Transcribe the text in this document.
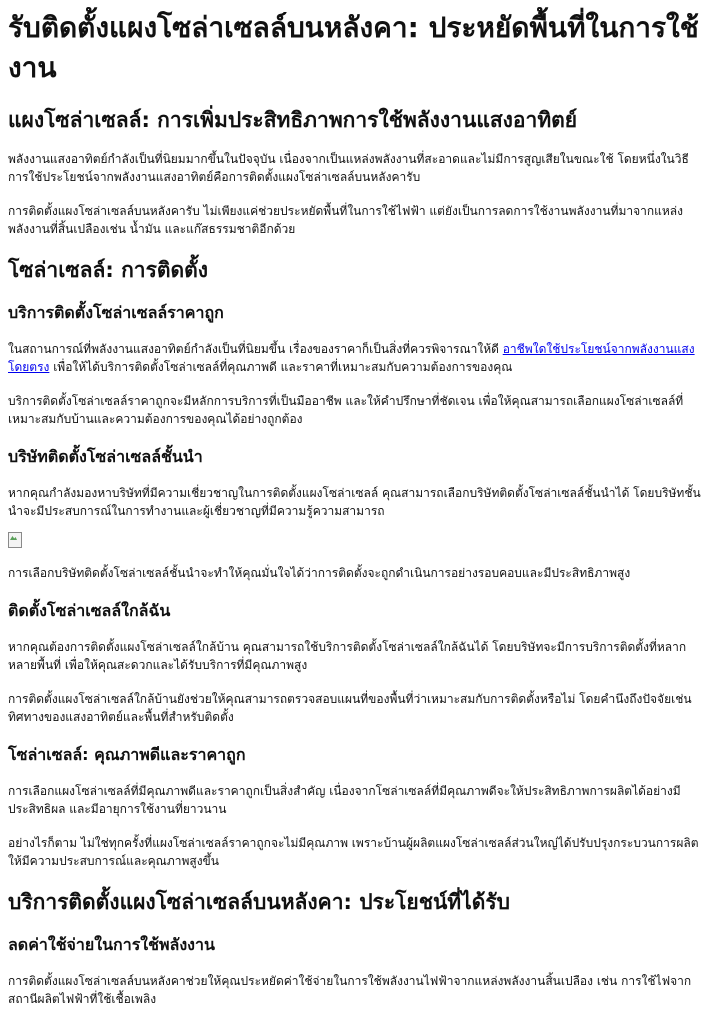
รับติดตั้งแผงโซล่าเซลล์บนหลังคา: ประหยัดพื้นที่ในการใช้งาน
แผงโซล่าเซลล์: การเพิ่มประสิทธิภาพการใช้พลังงานแสงอาทิตย์

พลังงานแสงอาทิตย์กำลังเป็นที่นิยมมากขึ้นในปัจจุบัน เนื่องจากเป็นแหล่งพลังงานที่สะอาดและไม่มีการสูญเสียในขณะใช้ โดยหนึ่งในวิธีการใช้ประโยชน์จากพลังงานแสงอาทิตย์คือการติดตั้งแผงโซล่าเซลล์บนหลังคารับ

การติดตั้งแผงโซล่าเซลล์บนหลังคารับ ไม่เพียงแค่ช่วยประหยัดพื้นที่ในการใช้ไฟฟ้า แต่ยังเป็นการลดการใช้งานพลังงานที่มาจากแหล่งพลังงานที่สิ้นเปลืองเช่น น้ำมัน และแก๊สธรรมชาติอีกด้วย

โซล่าเซลล์: การติดตั้ง
บริการติดตั้งโซล่าเซลล์ราคาถูก

ในสถานการณ์ที่พลังงานแสงอาทิตย์กำลังเป็นที่นิยมขึ้น เรื่องของราคาก็เป็นสิ่งที่ควรพิจารณาให้ดี อาชีพใดใช้ประโยชน์จากพลังงานแสงโดยตรง เพื่อให้ได้บริการติดตั้งโซล่าเซลล์ที่คุณภาพดี และราคาที่เหมาะสมกับความต้องการของคุณ

บริการติดตั้งโซล่าเซลล์ราคาถูกจะมีหลักการบริการที่เป็นมืออาชีพ และให้คำปรึกษาที่ชัดเจน เพื่อให้คุณสามารถเลือกแผงโซล่าเซลล์ที่เหมาะสมกับบ้านและความต้องการของคุณได้อย่างถูกต้อง

บริษัทติดตั้งโซล่าเซลล์ชั้นนำ

หากคุณกำลังมองหาบริษัทที่มีความเชี่ยวชาญในการติดตั้งแผงโซล่าเซลล์ คุณสามารถเลือกบริษัทติดตั้งโซล่าเซลล์ชั้นนำได้ โดยบริษัทชั้นนำจะมีประสบการณ์ในการทำงานและผู้เชี่ยวชาญที่มีความรู้ความสามารถ

การเลือกบริษัทติดตั้งโซล่าเซลล์ชั้นนำจะทำให้คุณมั่นใจได้ว่าการติดตั้งจะถูกดำเนินการอย่างรอบคอบและมีประสิทธิภาพสูง

ติดตั้งโซล่าเซลล์ใกล้ฉัน

หากคุณต้องการติดตั้งแผงโซล่าเซลล์ใกล้บ้าน คุณสามารถใช้บริการติดตั้งโซล่าเซลล์ใกล้ฉันได้ โดยบริษัทจะมีการบริการติดตั้งที่หลากหลายพื้นที่ เพื่อให้คุณสะดวกและได้รับบริการที่มีคุณภาพสูง

การติดตั้งแผงโซล่าเซลล์ใกล้บ้านยังช่วยให้คุณสามารถตรวจสอบแผนที่ของพื้นที่ว่าเหมาะสมกับการติดตั้งหรือไม่ โดยคำนึงถึงปัจจัยเช่น ทิศทางของแสงอาทิตย์และพื้นที่สำหรับติดตั้ง

โซล่าเซลล์: คุณภาพดีและราคาถูก

การเลือกแผงโซล่าเซลล์ที่มีคุณภาพดีและราคาถูกเป็นสิ่งสำคัญ เนื่องจากโซล่าเซลล์ที่มีคุณภาพดีจะให้ประสิทธิภาพการผลิตได้อย่างมีประสิทธิผล และมีอายุการใช้งานที่ยาวนาน

อย่างไรก็ตาม ไม่ใช่ทุกครั้งที่แผงโซล่าเซลล์ราคาถูกจะไม่มีคุณภาพ เพราะบ้านผู้ผลิตแผงโซล่าเซลล์ส่วนใหญ่ได้ปรับปรุงกระบวนการผลิตให้มีความประสบการณ์และคุณภาพสูงขึ้น

บริการติดตั้งแผงโซล่าเซลล์บนหลังคา: ประโยชน์ที่ได้รับ
ลดค่าใช้จ่ายในการใช้พลังงาน

การติดตั้งแผงโซล่าเซลล์บนหลังคาช่วยให้คุณประหยัดค่าใช้จ่ายในการใช้พลังงานไฟฟ้าจากแหล่งพลังงานสิ้นเปลือง เช่น การใช้ไฟจากสถานีผลิตไฟฟ้าที่ใช้เชื้อเพลิง
